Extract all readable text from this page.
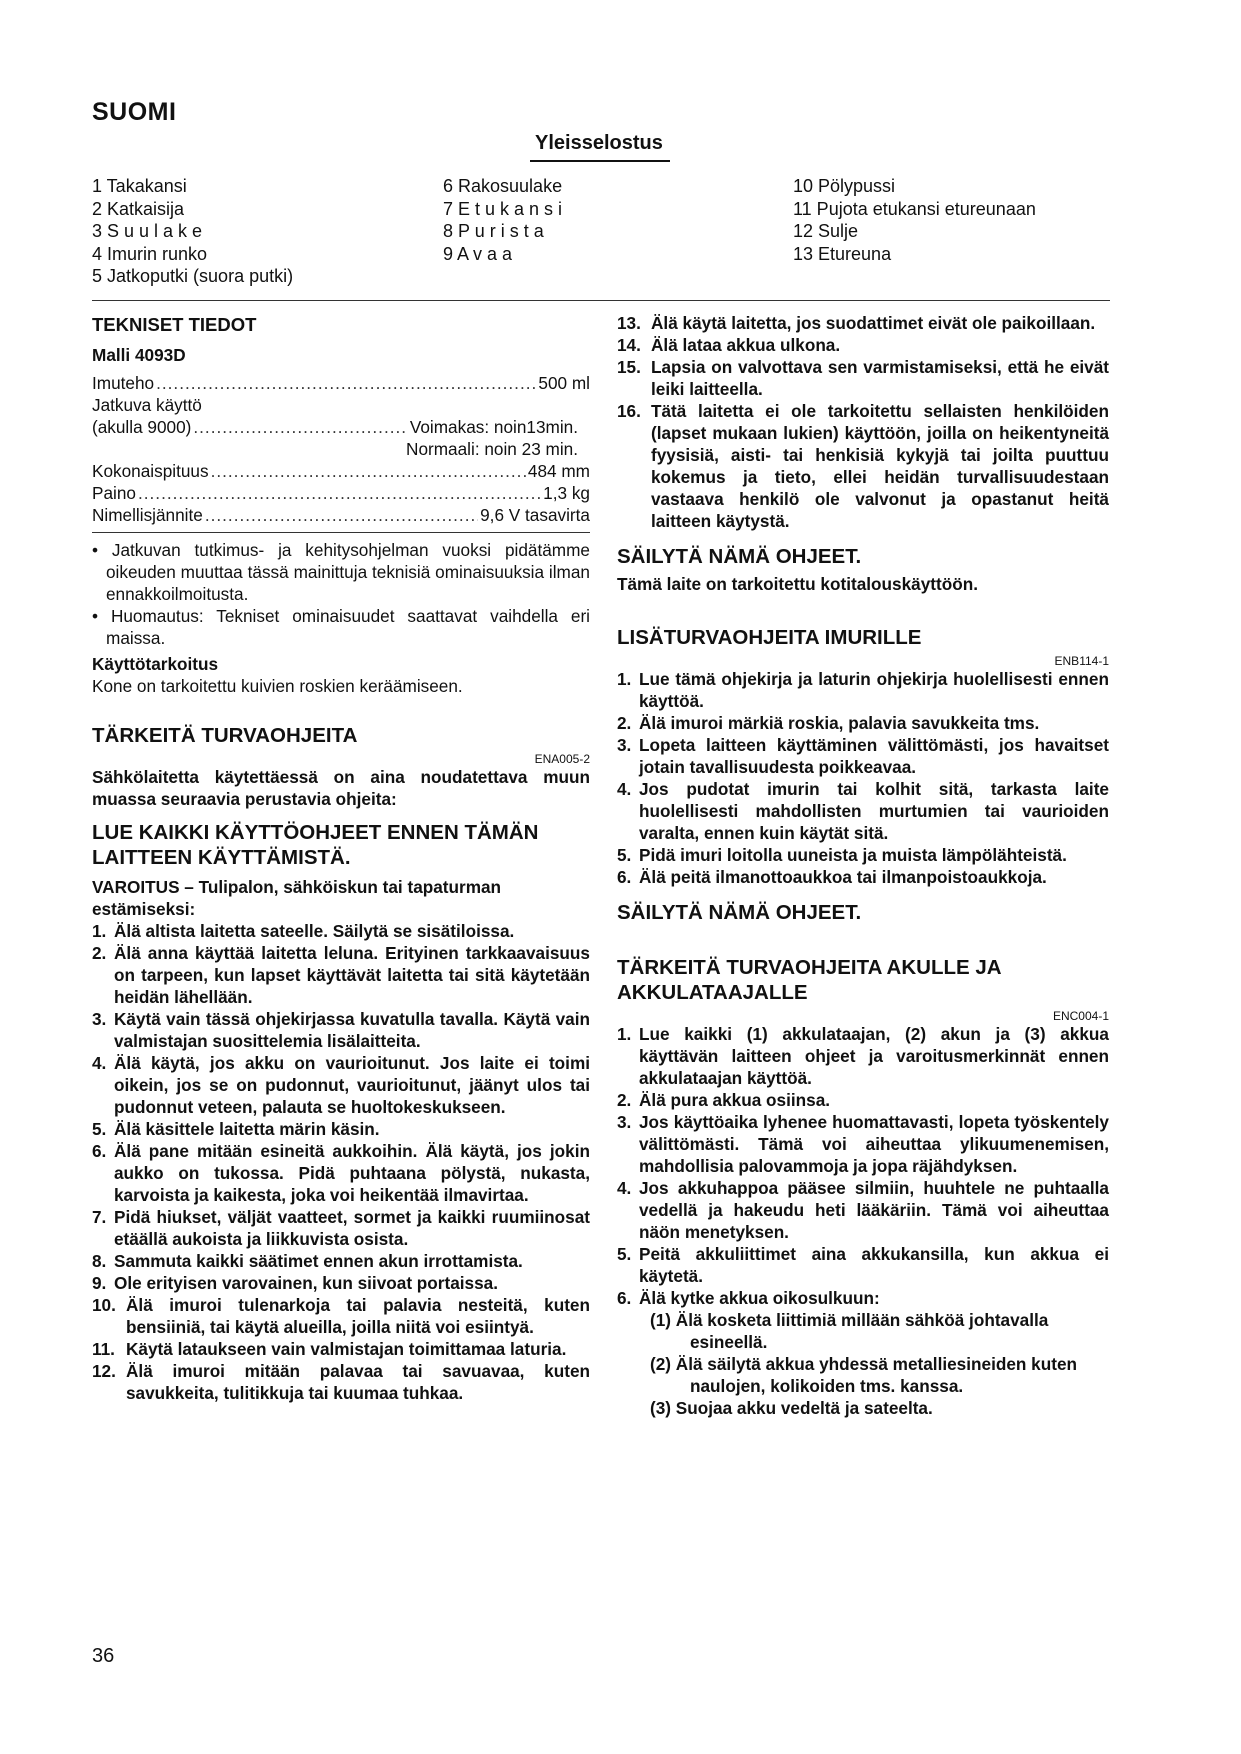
SUOMI
Yleisselostus
1 Takakansi
2 Katkaisija
3 S u u l a k e
4 Imurin runko
5 Jatkoputki (suora putki)
6 Rakosuulake
7 E t u k a n s i
8 P u r i s t a
9 A v a a
10 Pölypussi
11 Pujota etukansi etureunaan
12 Sulje
13 Etureuna
TEKNISET TIEDOT
Malli 4093D
Imuteho .....	500 ml
Jatkuva käyttö
(akulla 9000) .....	Voimakas: noin13min.
Normaali: noin 23 min.
Kokonaispituus .....	484 mm
Paino .....	1,3 kg
Nimellisjännite .....	9,6 V tasavirta
• Jatkuvan tutkimus- ja kehitysohjelman vuoksi pidätämme oikeuden muuttaa tässä mainittuja teknisiä ominaisuuksia ilman ennakkoilmoitusta.
• Huomautus: Tekniset ominaisuudet saattavat vaihdella eri maissa.
Käyttötarkoitus
Kone on tarkoitettu kuivien roskien keräämiseen.
TÄRKEITÄ TURVAOHJEITA
ENA005-2
Sähkölaitetta käytettäessä on aina noudatettava muun muassa seuraavia perustavia ohjeita:
LUE KAIKKI KÄYTTÖOHJEET ENNEN TÄMÄN LAITTEEN KÄYTTÄMISTÄ.
VAROITUS – Tulipalon, sähköiskun tai tapaturman estämiseksi:
1. Älä altista laitetta sateelle. Säilytä se sisätiloissa.
2. Älä anna käyttää laitetta leluna. Erityinen tarkkaavaisuus on tarpeen, kun lapset käyttävät laitetta tai sitä käytetään heidän lähellään.
3. Käytä vain tässä ohjekirjassa kuvatulla tavalla. Käytä vain valmistajan suosittelemia lisälaitteita.
4. Älä käytä, jos akku on vaurioitunut. Jos laite ei toimi oikein, jos se on pudonnut, vaurioitunut, jäänyt ulos tai pudonnut veteen, palauta se huoltokeskukseen.
5. Älä käsittele laitetta märin käsin.
6. Älä pane mitään esineitä aukkoihin. Älä käytä, jos jokin aukko on tukossa. Pidä puhtaana pölystä, nukasta, karvoista ja kaikesta, joka voi heikentää ilmavirtaa.
7. Pidä hiukset, väljät vaatteet, sormet ja kaikki ruumiinosat etäällä aukoista ja liikkuvista osista.
8. Sammuta kaikki säätimet ennen akun irrottamista.
9. Ole erityisen varovainen, kun siivoat portaissa.
10. Älä imuroi tulenarkoja tai palavia nesteitä, kuten bensiiniä, tai käytä alueilla, joilla niitä voi esiintyä.
11. Käytä lataukseen vain valmistajan toimittamaa laturia.
12. Älä imuroi mitään palavaa tai savuavaa, kuten savukkeita, tulitikkuja tai kuumaa tuhkaa.
13. Älä käytä laitetta, jos suodattimet eivät ole paikoillaan.
14. Älä lataa akkua ulkona.
15. Lapsia on valvottava sen varmistamiseksi, että he eivät leiki laitteella.
16. Tätä laitetta ei ole tarkoitettu sellaisten henkilöiden (lapset mukaan lukien) käyttöön, joilla on heikentyneitä fyysisiä, aisti- tai henkisiä kykyjä tai joilta puuttuu kokemus ja tieto, ellei heidän turvallisuudestaan vastaava henkilö ole valvonut ja opastanut heitä laitteen käytystä.
SÄILYTÄ NÄMÄ OHJEET.
Tämä laite on tarkoitettu kotitalouskäyttöön.
LISÄTURVAOHJEITA IMURILLE
ENB114-1
1. Lue tämä ohjekirja ja laturin ohjekirja huolellisesti ennen käyttöä.
2. Älä imuroi märkiä roskia, palavia savukkeita tms.
3. Lopeta laitteen käyttäminen välittömästi, jos havaitset jotain tavallisuudesta poikkeavaa.
4. Jos pudotat imurin tai kolhit sitä, tarkasta laite huolellisesti mahdollisten murtumien tai vaurioiden varalta, ennen kuin käytät sitä.
5. Pidä imuri loitolla uuneista ja muista lämpölähteistä.
6. Älä peitä ilmanottoaukkoa tai ilmanpoistoaukkoja.
SÄILYTÄ NÄMÄ OHJEET.
TÄRKEITÄ TURVAOHJEITA AKULLE JA AKKULATAAJALLE
ENC004-1
1. Lue kaikki (1) akkulataajan, (2) akun ja (3) akkua käyttävän laitteen ohjeet ja varoitusmerkinnät ennen akkulataajan käyttöä.
2. Älä pura akkua osiinsa.
3. Jos käyttöaika lyhenee huomattavasti, lopeta työskentely välittömästi. Tämä voi aiheuttaa ylikuumenemisen, mahdollisia palovammoja ja jopa räjähdyksen.
4. Jos akkuhappoa pääsee silmiin, huuhtele ne puhtaalla vedellä ja hakeudu heti lääkäriin. Tämä voi aiheuttaa näön menetyksen.
5. Peitä akkuliittimet aina akkukansilla, kun akkua ei käytetä.
6. Älä kytke akkua oikosulkuun:
(1) Älä kosketa liittimiä millään sähköä johtavalla esineellä.
(2) Älä säilytä akkua yhdessä metalliesineiden kuten naulojen, kolikoiden tms. kanssa.
(3) Suojaa akku vedeltä ja sateelta.
36
